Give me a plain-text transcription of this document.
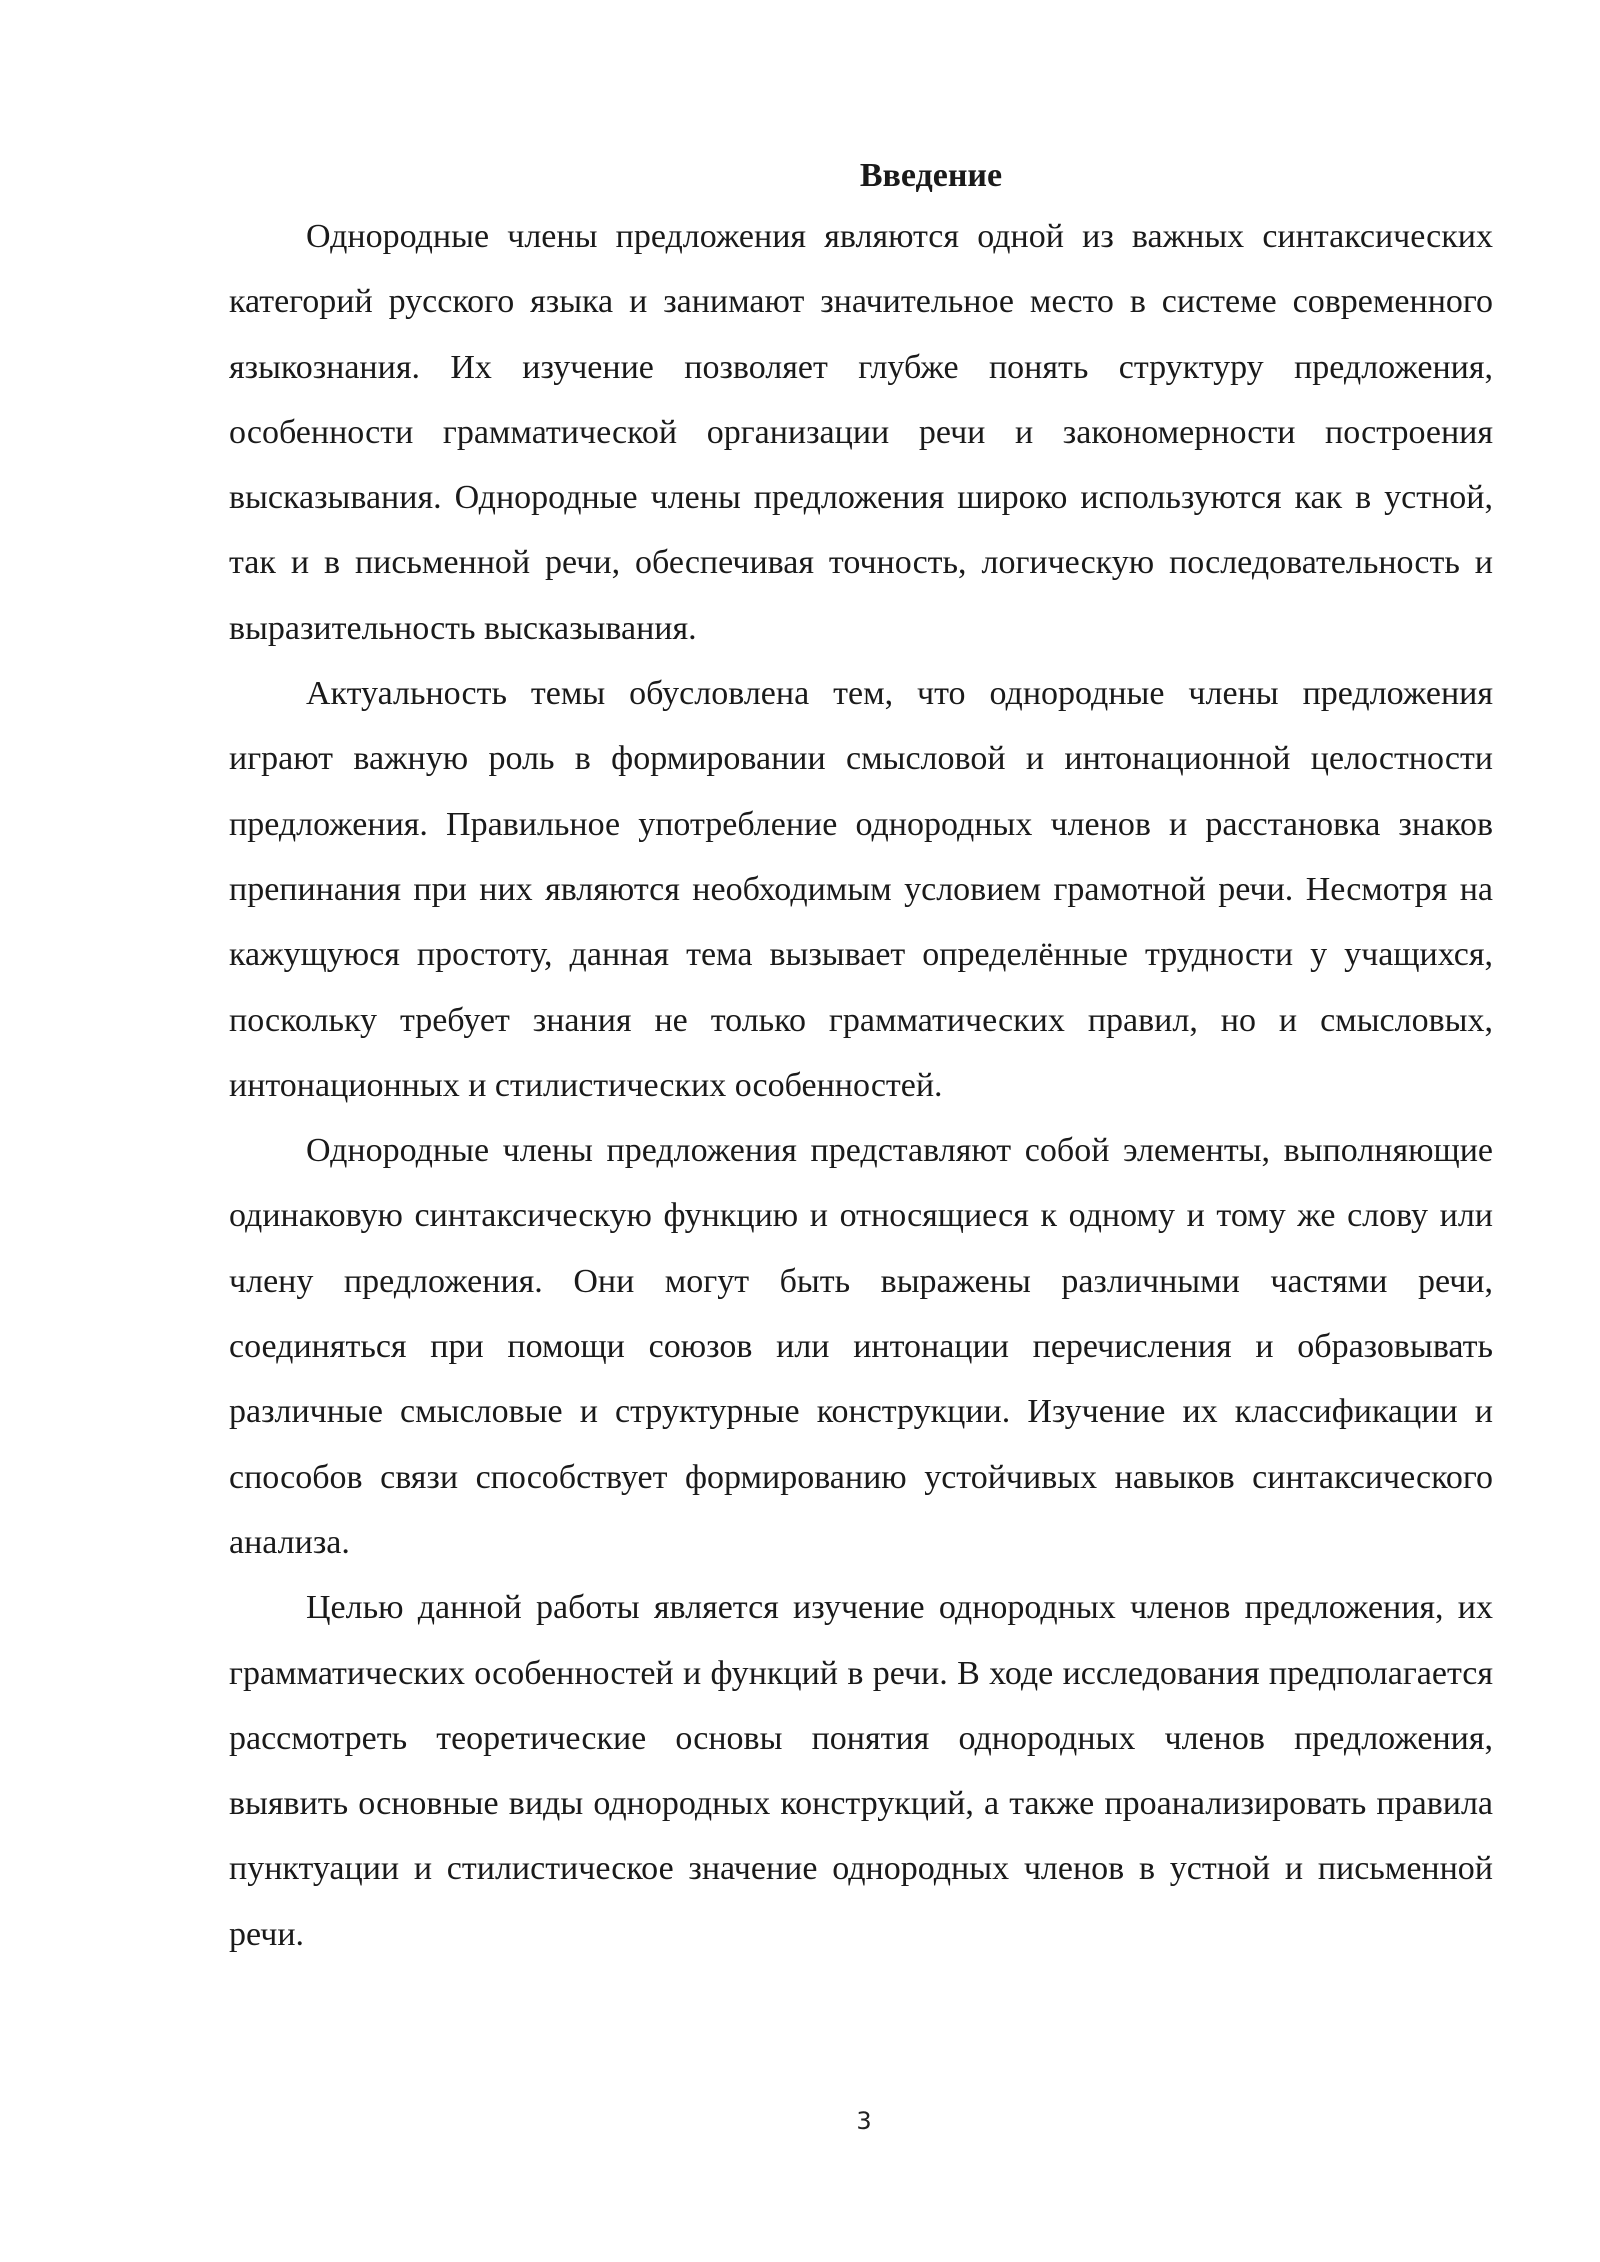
Введение

Однородные члены предложения являются одной из важных синтаксических категорий русского языка и занимают значительное место в системе современного языкознания. Их изучение позволяет глубже понять структуру предложения, особенности грамматической организации речи и закономерности построения высказывания. Однородные члены предложения широко используются как в устной, так и в письменной речи, обеспечивая точность, логическую последовательность и выразительность высказывания.

Актуальность темы обусловлена тем, что однородные члены предложения играют важную роль в формировании смысловой и интонационной целостности предложения. Правильное употребление однородных членов и расстановка знаков препинания при них являются необходимым условием грамотной речи. Несмотря на кажущуюся простоту, данная тема вызывает определённые трудности у учащихся, поскольку требует знания не только грамматических правил, но и смысловых, интонационных и стилистических особенностей.

Однородные члены предложения представляют собой элементы, выполняющие одинаковую синтаксическую функцию и относящиеся к одному и тому же слову или члену предложения. Они могут быть выражены различными частями речи, соединяться при помощи союзов или интонации перечисления и образовывать различные смысловые и структурные конструкции. Изучение их классификации и способов связи способствует формированию устойчивых навыков синтаксического анализа.

Целью данной работы является изучение однородных членов предложения, их грамматических особенностей и функций в речи. В ходе исследования предполагается рассмотреть теоретические основы понятия однородных членов предложения, выявить основные виды однородных конструкций, а также проанализировать правила пунктуации и стилистическое значение однородных членов в устной и письменной речи.

3
